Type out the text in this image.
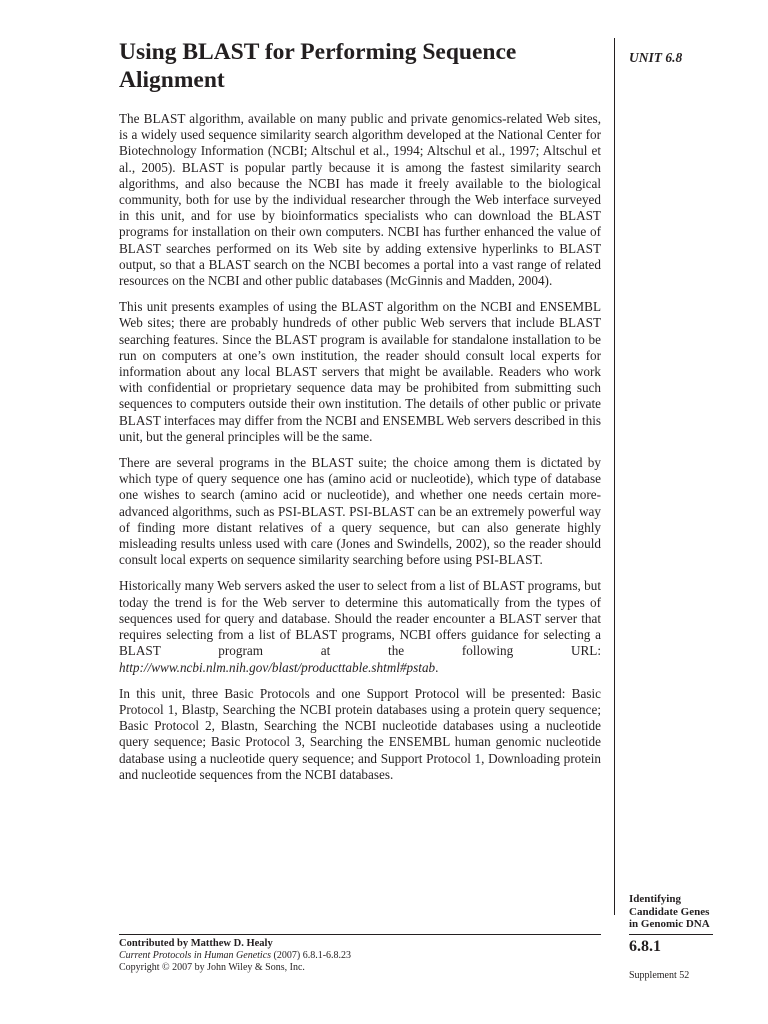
Using BLAST for Performing Sequence Alignment
UNIT 6.8

The BLAST algorithm, available on many public and private genomics-related Web sites, is a widely used sequence similarity search algorithm developed at the National Center for Biotechnology Information (NCBI; Altschul et al., 1994; Altschul et al., 1997; Altschul et al., 2005). BLAST is popular partly because it is among the fastest similarity search algorithms, and also because the NCBI has made it freely available to the biological community, both for use by the individual researcher through the Web interface surveyed in this unit, and for use by bioinformatics specialists who can download the BLAST programs for installation on their own computers. NCBI has further enhanced the value of BLAST searches performed on its Web site by adding extensive hyperlinks to BLAST output, so that a BLAST search on the NCBI becomes a portal into a vast range of related resources on the NCBI and other public databases (McGinnis and Madden, 2004).

This unit presents examples of using the BLAST algorithm on the NCBI and ENSEMBL Web sites; there are probably hundreds of other public Web servers that include BLAST searching features. Since the BLAST program is available for standalone installation to be run on computers at one’s own institution, the reader should consult local experts for information about any local BLAST servers that might be available. Readers who work with confidential or proprietary sequence data may be prohibited from submitting such sequences to computers outside their own institution. The details of other public or private BLAST interfaces may differ from the NCBI and ENSEMBL Web servers described in this unit, but the general principles will be the same.

There are several programs in the BLAST suite; the choice among them is dictated by which type of query sequence one has (amino acid or nucleotide), which type of database one wishes to search (amino acid or nucleotide), and whether one needs certain more-advanced algorithms, such as PSI-BLAST. PSI-BLAST can be an extremely powerful way of finding more distant relatives of a query sequence, but can also generate highly misleading results unless used with care (Jones and Swindells, 2002), so the reader should consult local experts on sequence similarity searching before using PSI-BLAST.

Historically many Web servers asked the user to select from a list of BLAST programs, but today the trend is for the Web server to determine this automatically from the types of sequences used for query and database. Should the reader encounter a BLAST server that requires selecting from a list of BLAST programs, NCBI offers guidance for selecting a BLAST program at the following URL: http://www.ncbi.nlm.nih.gov/blast/producttable.shtml#pstab.

In this unit, three Basic Protocols and one Support Protocol will be presented: Basic Protocol 1, Blastp, Searching the NCBI protein databases using a protein query sequence; Basic Protocol 2, Blastn, Searching the NCBI nucleotide databases using a nucleotide query sequence; Basic Protocol 3, Searching the ENSEMBL human genomic nucleotide database using a nucleotide query sequence; and Support Protocol 1, Downloading protein and nucleotide sequences from the NCBI databases.

Identifying
Candidate Genes
in Genomic DNA
6.8.1
Supplement 52
Contributed by Matthew D. Healy
Current Protocols in Human Genetics (2007) 6.8.1-6.8.23
Copyright © 2007 by John Wiley & Sons, Inc.
